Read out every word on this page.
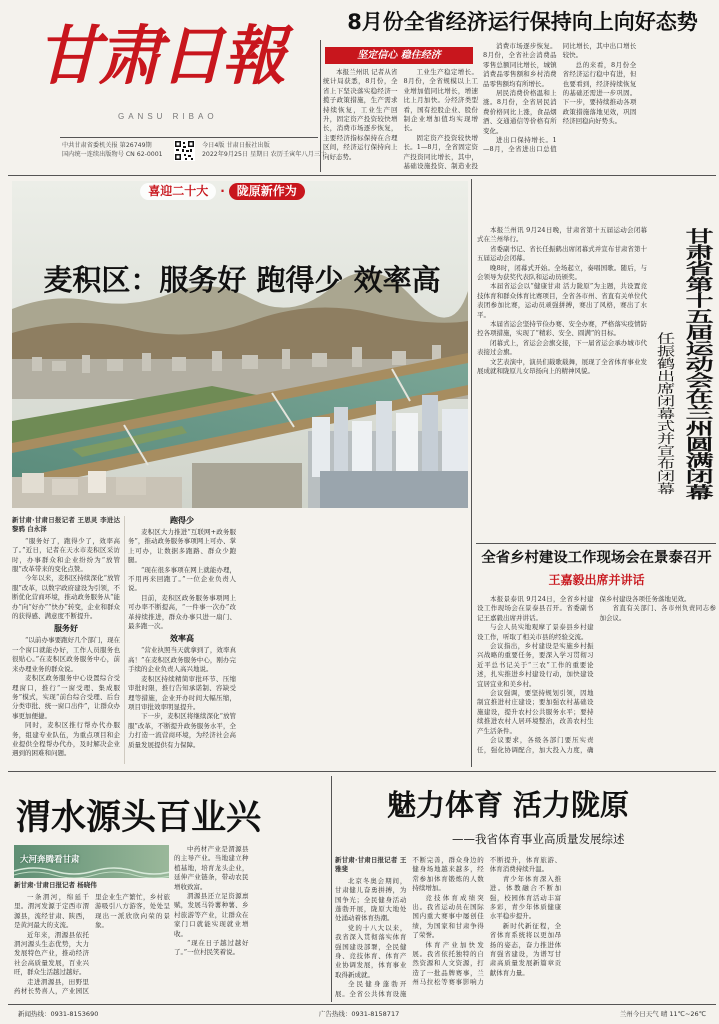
甘肃日報
GANSU RIBAO
中共甘肃省委机关报 第26749期
国内统一连续出版物号 CN 62-0001
今日4版 甘肃日报社出版
2022年9月25日 星期日 农历壬寅年八月三十
8月份全省经济运行保持向上向好态势
坚定信心 稳住经济

本报兰州讯 记者从省统计局获悉，8月份，全省上下坚决落实稳经济一揽子政策措施，生产需求持续恢复，工业生产回升，固定资产投资较快增长，消费市场逐步恢复，主要经济指标保持在合理区间，经济运行保持向上向好态势。

工业生产稳定增长。8月份，全省规模以上工业增加值同比增长，增速比上月加快。分经济类型看，国有控股企业、股份制企业增加值均实现增长。

固定资产投资较快增长。1—8月，全省固定资产投资同比增长，其中，基础设施投资、制造业投

消费市场逐步恢复。8月份，全省社会消费品零售总额同比增长，城镇消费品零售额和乡村消费品零售额均有所增长。

居民消费价格温和上涨。8月份，全省居民消费价格同比上涨，食品烟酒、交通通信等价格有所变化。

进出口保持增长。1—8月，全省进出口总值同比增长，其中出口增长较快。

总的来看，8月份全省经济运行稳中有进，但也要看到，经济持续恢复的基础还需进一步巩固。下一步，要持续推动各项政策措施落地见效，巩固经济回稳向好势头。

喜迎二十大	·	陇原新作为
麦积区：服务好 跑得少 效率高

新甘肃·甘肃日报记者 王思灵 李进达 黎鸦 白永泽

“服务好了，跑得少了，效率高了。”近日，记者在天水市麦积区采访时，办事群众和企业纷纷为“放管服”改革带来的变化点赞。

今年以来，麦积区持续深化“放管服”改革，以数字政府建设为引领，不断优化营商环境，推动政务服务从“能办”向“好办”“快办”转变，企业和群众的获得感、满意度不断提升。

服务好

“以前办事要跑好几个部门，现在一个窗口就能办好，工作人员服务也很贴心。”在麦积区政务服务中心，前来办理业务的群众说。

麦积区政务服务中心设置综合受理窗口，推行“一窗受理、集成服务”模式，实现“前台综合受理、后台分类审批、统一窗口出件”，让群众办事更加便捷。

同时，麦积区推行帮办代办服务，组建专业队伍，为重点项目和企业提供全程帮办代办，及时解决企业遇到的困难和问题。

跑得少

麦积区大力推进“互联网+政务服务”，推动政务服务事项网上可办、掌上可办，让数据多跑路、群众少跑腿。

“现在很多事项在网上就能办理，不用再来回跑了。”一位企业负责人说。

目前，麦积区政务服务事项网上可办率不断提高，“一件事一次办”改革持续推进，群众办事只进一扇门、最多跑一次。

效率高

“营业执照当天就拿到了，效率真高！”在麦积区政务服务中心，刚办完手续的企业负责人高兴地说。

麦积区持续精简审批环节、压缩审批时限，推行告知承诺制、容缺受理等措施，企业开办时间大幅压缩，项目审批效率明显提升。

下一步，麦积区将继续深化“放管服”改革，不断提升政务服务水平，全力打造一流营商环境，为经济社会高质量发展提供有力保障。

甘肃省第十五届运动会在兰州圆满闭幕
任振鹤出席闭幕式并宣布闭幕

本报兰州讯 9月24日晚，甘肃省第十五届运动会闭幕式在兰州举行。

省委副书记、省长任振鹤出席闭幕式并宣布甘肃省第十五届运动会闭幕。

晚8时，闭幕式开始。全场起立，奏唱国歌。随后，与会领导为获奖代表队和运动员颁奖。

本届省运会以“健康甘肃 活力陇原”为主题，共设置竞技体育和群众体育比赛项目，全省各市州、省直有关单位代表团参加比赛，运动员顽强拼搏，赛出了风格，赛出了水平。

本届省运会坚持节俭办赛、安全办赛，严格落实疫情防控各项措施，实现了“精彩、安全、圆满”的目标。

闭幕式上，省运会会旗交接，下一届省运会承办城市代表接过会旗。

文艺表演中，演员们载歌载舞，展现了全省体育事业发展成就和陇原儿女昂扬向上的精神风貌。

全省乡村建设工作现场会在景泰召开
王嘉毅出席并讲话

本报景泰讯 9月24日，全省乡村建设工作现场会在景泰县召开。省委副书记王嘉毅出席并讲话。

与会人员实地观摩了景泰县乡村建设工作，听取了相关市县的经验交流。

会议指出，乡村建设是实施乡村振兴战略的重要任务，要深入学习贯彻习近平总书记关于“三农”工作的重要论述，扎实推进乡村建设行动，加快建设宜居宜业和美乡村。

会议强调，要坚持规划引领，因地制宜推进村庄建设；要加强农村基础设施建设，提升农村公共服务水平；要持续推进农村人居环境整治，改善农村生产生活条件。

会议要求，各级各部门要压实责任，强化协调配合，加大投入力度，确保乡村建设各项任务落地见效。

省直有关部门、各市州负责同志参加会议。

渭水源头百业兴
大河奔腾看甘肃

新甘肃·甘肃日报记者 杨晓伟

一条渭河，绵延千里。渭河发源于定西市渭源县，流经甘肃、陕西，是黄河最大的支流。

近年来，渭源县依托渭河源头生态优势，大力发展特色产业，推动经济社会高质量发展，百业兴旺，群众生活越过越好。

走进渭源县，田野里药材长势喜人，产业园区里企业生产繁忙，乡村旅游吸引八方游客，处处呈现出一派欣欣向荣的景象。

中药材产业是渭源县的主导产业。当地建立种植基地，培育龙头企业，延伸产业链条，带动农民增收致富。

渭源县还立足资源禀赋，发展马铃薯种薯、乡村旅游等产业，让群众在家门口就能实现就业增收。

“现在日子越过越好了。”一位村民笑着说。

魅力体育 活力陇原
——我省体育事业高质量发展综述

新甘肃·甘肃日报记者 王雅斐

北京冬奥会期间，甘肃健儿奋勇拼搏，为国争光；全民健身活动蓬勃开展，陇原大地处处涌动着体育热潮。

党的十八大以来，我省深入贯彻落实体育强国建设部署，全民健身、竞技体育、体育产业协调发展，体育事业取得新成就。

全民健身蓬勃开展。全省公共体育设施不断完善，群众身边的健身场地越来越多，经常参加体育锻炼的人数持续增加。

竞技体育成绩突出。我省运动员在国际国内重大赛事中屡创佳绩，为国家和甘肃争得了荣誉。

体育产业加快发展。我省依托独特的自然资源和人文资源，打造了一批品牌赛事，兰州马拉松等赛事影响力不断提升，体育旅游、体育消费持续升温。

青少年体育深入推进。体教融合不断加强，校园体育活动丰富多彩，青少年体质健康水平稳步提升。

新时代新征程，全省体育系统将以更加昂扬的姿态，奋力推进体育强省建设，为谱写甘肃高质量发展新篇章贡献体育力量。

新闻热线：0931-8153690	广告热线：0931-8158717	兰州今日天气 晴 11℃~26℃
